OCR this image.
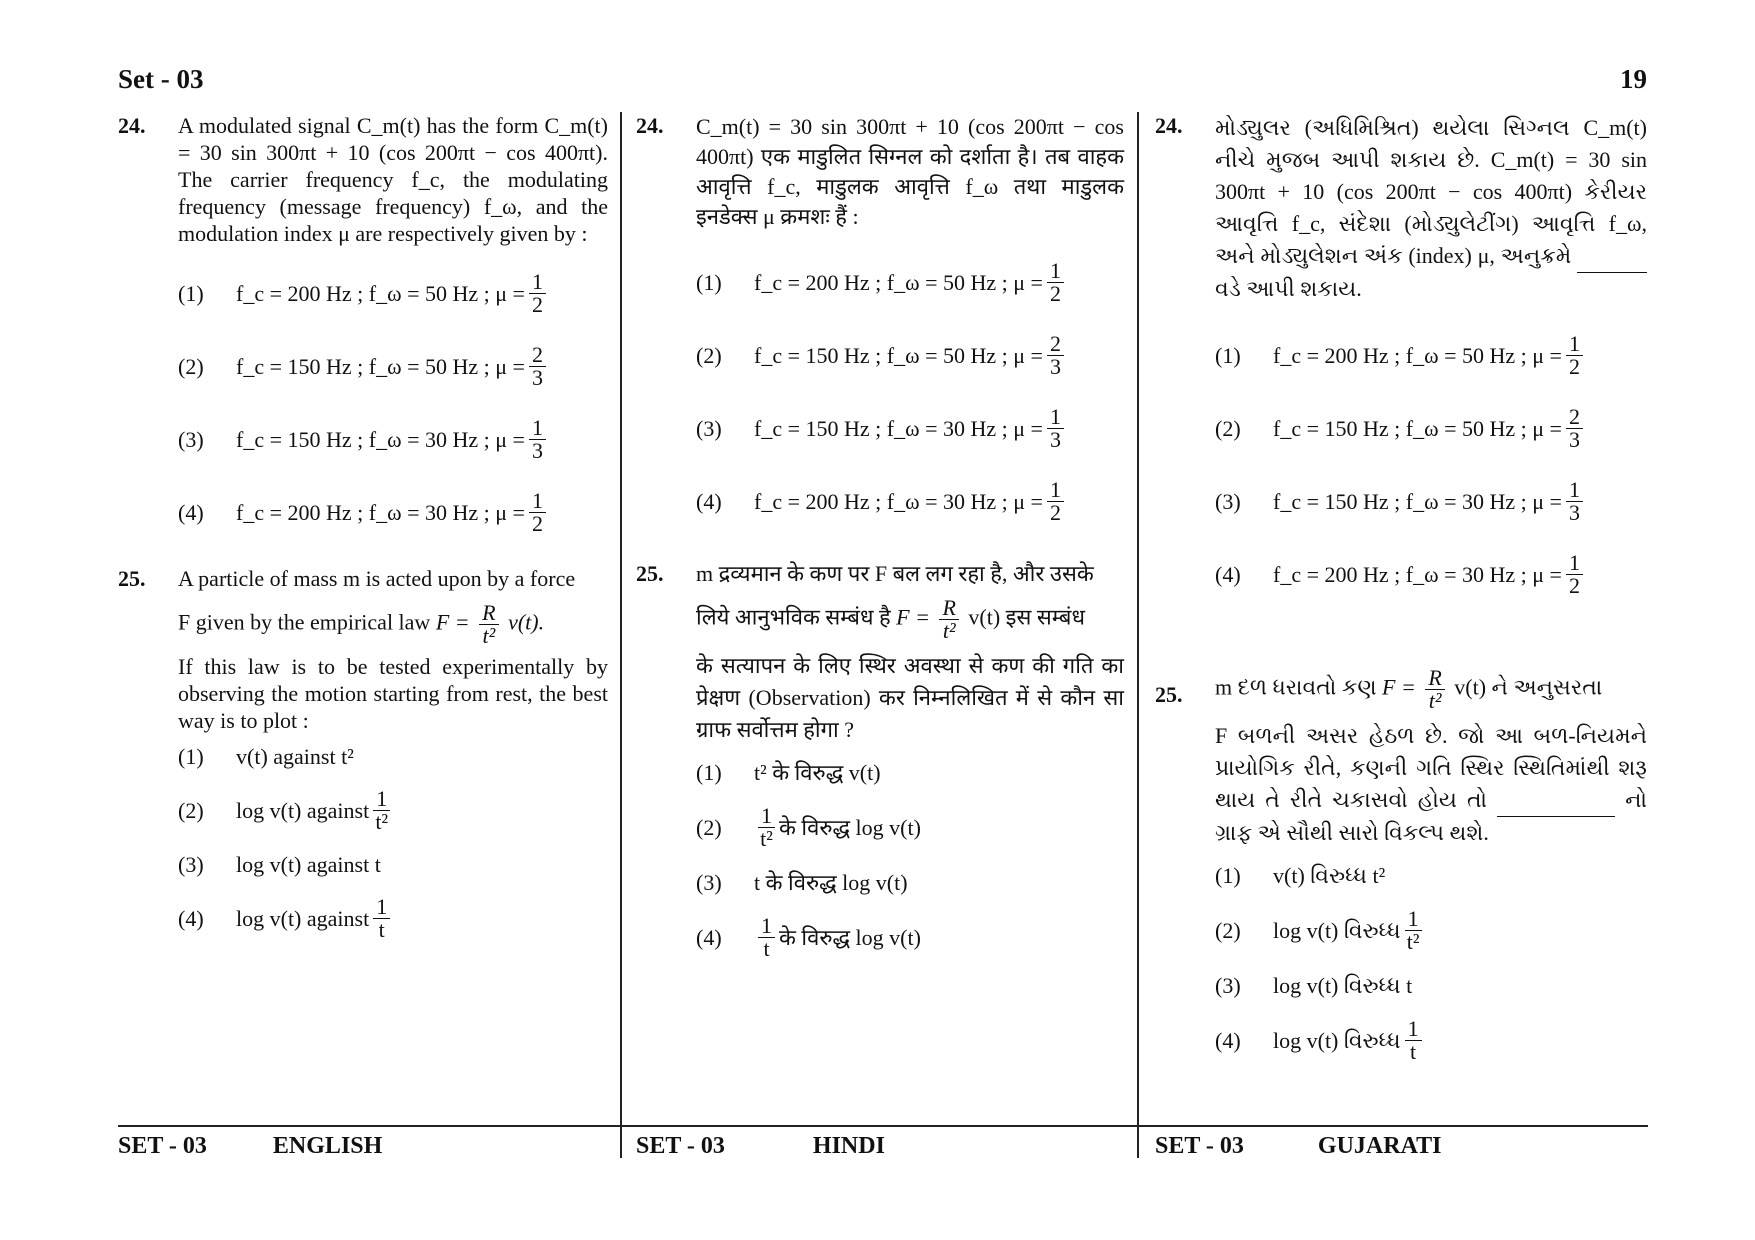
Set - 03	19
24. A modulated signal C_m(t) has the form C_m(t) = 30 sin 300πt + 10 (cos 200πt − cos 400πt). The carrier frequency f_c, the modulating frequency (message frequency) f_ω, and the modulation index μ are respectively given by :
(1)	f_c = 200 Hz ; f_ω = 50 Hz ; $\mu = \frac{1}{2}$
(2)	f_c = 150 Hz ; f_ω = 50 Hz ; $\mu = \frac{2}{3}$
(3)	f_c = 150 Hz ; f_ω = 30 Hz ; $\mu = \frac{1}{3}$
(4)	f_c = 200 Hz ; f_ω = 30 Hz ; $\mu = \frac{1}{2}$
25. A particle of mass m is acted upon by a force
F given by the empirical law $F = \frac{R}{\text{t²}} v(t)$.
If this law is to be tested experimentally by observing the motion starting from rest, the best way is to plot :
(1)	v(t) against t²
(2)	log v(t) against $\frac{1}{\text{t²}}$
(3)	log v(t) against t
(4)	log v(t) against $\frac{1}{t}$
24. C_m(t) = 30 sin 300πt + 10 (cos 200πt − cos 400πt) एक माडुलित सिग्नल को दर्शाता है। तब वाहक आवृत्ति f_c, माडुलक आवृत्ति f_ω तथा माडुलक इनडेक्स μ क्रमशः हैं :
(1)	f_c = 200 Hz ; f_ω = 50 Hz ; $\mu = \frac{1}{2}$
(2)	f_c = 150 Hz ; f_ω = 50 Hz ; $\mu = \frac{2}{3}$
(3)	f_c = 150 Hz ; f_ω = 30 Hz ; $\mu = \frac{1}{3}$
(4)	f_c = 200 Hz ; f_ω = 30 Hz ; $\mu = \frac{1}{2}$
25. m द्रव्यमान के कण पर F बल लग रहा है, और उसके
लिये आनुभविक सम्बंध है $F = \frac{R}{\text{t²}} v(t)$ इस सम्बंध
के सत्यापन के लिए स्थिर अवस्था से कण की गति का प्रेक्षण (Observation) कर निम्नलिखित में से कौन सा ग्राफ सर्वोत्तम होगा ?
(1)	t² के विरुद्ध v(t)
(2)	$\frac{1}{\text{t²}}$ के विरुद्ध log v(t)
(3)	t के विरुद्ध log v(t)
(4)	$\frac{1}{t}$ के विरुद्ध log v(t)
24. મોડ્યુલર (અધિમિશ્રિત) થયેલા સિગ્નલ C_m(t) નીચે મુજબ આપી શકાય છે. C_m(t) = 30 sin 300πt + 10 (cos 200πt − cos 400πt) કેરીયર આવૃત્તિ f_c, સંદેશા (મોડ્યુલેટીંગ) આવૃત્તિ f_ω, અને મોડ્યુલેશન અંક (index) μ, અનુક્રમે   વડે આપી શકાય.
(1)	f_c = 200 Hz ; f_ω = 50 Hz ; $\mu = \frac{1}{2}$
(2)	f_c = 150 Hz ; f_ω = 50 Hz ; $\mu = \frac{2}{3}$
(3)	f_c = 150 Hz ; f_ω = 30 Hz ; $\mu = \frac{1}{3}$
(4)	f_c = 200 Hz ; f_ω = 30 Hz ; $\mu = \frac{1}{2}$
25. m દળ ધરાવતો કણ $F = \frac{R}{\text{t²}} v(t)$ ને અનુસરતા
F બળની અસર હેઠળ છે. જો આ બળ-નિયમને પ્રાયોગિક રીતે, કણની ગતિ સ્થિર સ્થિતિમાંથી શરૂ થાય તે રીતે ચકાસવો હોય તો	નો ગ્રાફ એ સૌથી સારો વિકલ્પ થશે.
(1)	v(t) વિરુધ્ધ t²
(2)	log v(t) વિરુધ્ધ $\frac{1}{\text{t²}}$
(3)	log v(t) વિરુધ્ધ t
(4)	log v(t) વિરુધ્ધ $\frac{1}{t}$
SET - 03	ENGLISH	SET - 03	HINDI	SET - 03	GUJARATI
